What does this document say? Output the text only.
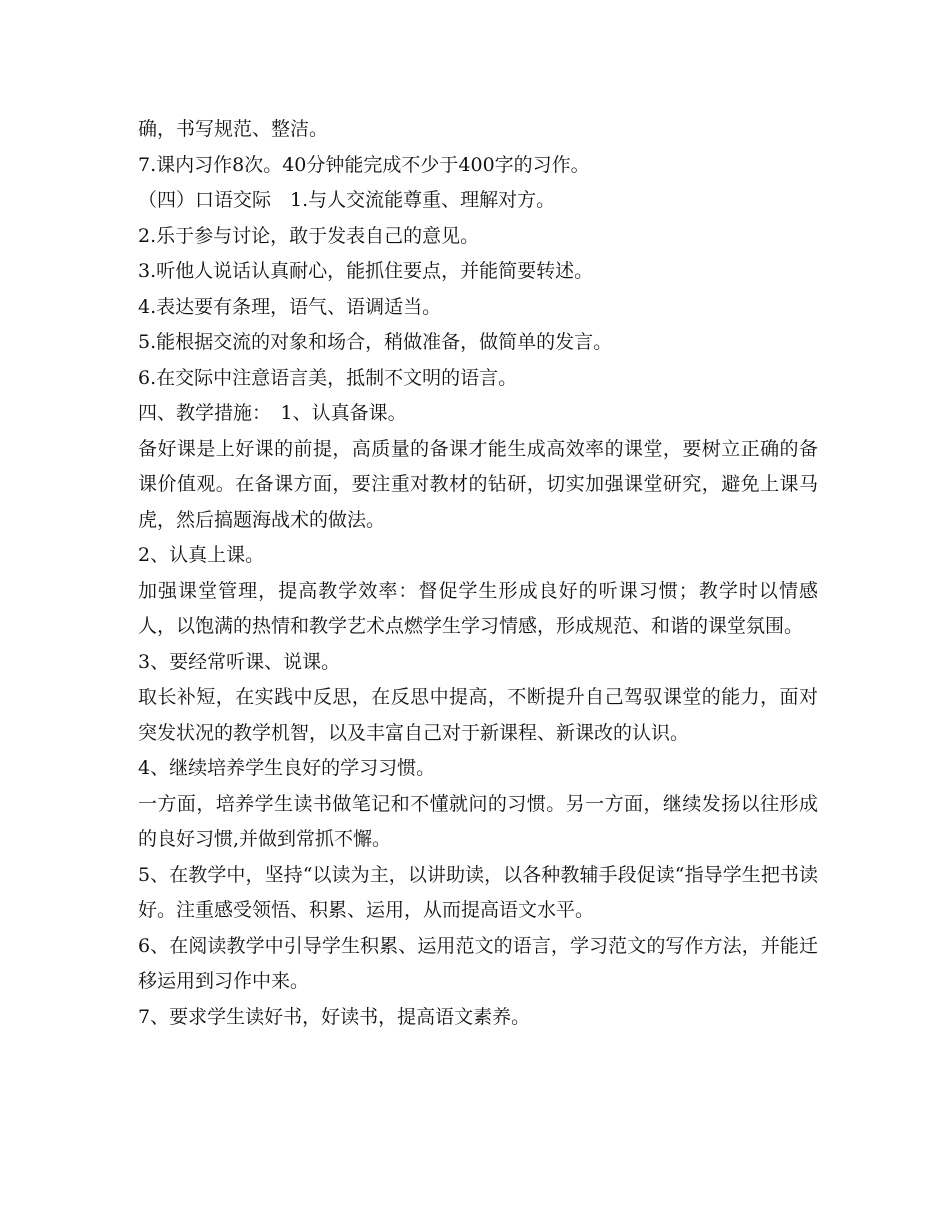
确，书写规范、整洁。

7.课内习作8次。40分钟能完成不少于400字的习作。

（四）口语交际　1.与人交流能尊重、理解对方。

2.乐于参与讨论，敢于发表自己的意见。

3.听他人说话认真耐心，能抓住要点，并能简要转述。

4.表达要有条理，语气、语调适当。

5.能根据交流的对象和场合，稍做准备，做简单的发言。

6.在交际中注意语言美，抵制不文明的语言。

四、教学措施：　1、认真备课。

备好课是上好课的前提，高质量的备课才能生成高效率的课堂，要树立正确的备课价值观。在备课方面，要注重对教材的钻研，切实加强课堂研究，避免上课马虎，然后搞题海战术的做法。

2、认真上课。

加强课堂管理，提高教学效率：督促学生形成良好的听课习惯；教学时以情感人，以饱满的热情和教学艺术点燃学生学习情感，形成规范、和谐的课堂氛围。

3、要经常听课、说课。

取长补短，在实践中反思，在反思中提高，不断提升自己驾驭课堂的能力，面对突发状况的教学机智，以及丰富自己对于新课程、新课改的认识。

4、继续培养学生良好的学习习惯。

一方面，培养学生读书做笔记和不懂就问的习惯。另一方面，继续发扬以往形成的良好习惯,并做到常抓不懈。

5、在教学中，坚持“以读为主，以讲助读，以各种教辅手段促读“指导学生把书读好。注重感受领悟、积累、运用，从而提高语文水平。

6、在阅读教学中引导学生积累、运用范文的语言，学习范文的写作方法，并能迁移运用到习作中来。

7、要求学生读好书，好读书，提高语文素养。
